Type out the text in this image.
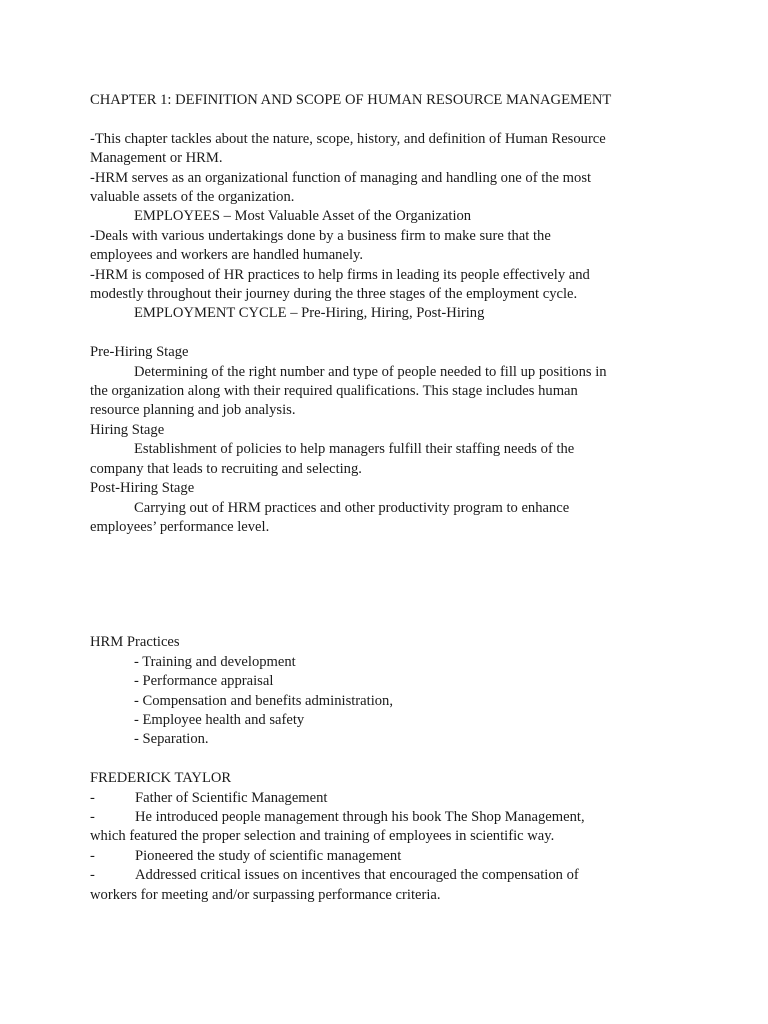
CHAPTER 1: DEFINITION AND SCOPE OF HUMAN RESOURCE MANAGEMENT
-This chapter tackles about the nature, scope, history, and definition of Human Resource
Management or HRM.
-HRM serves as an organizational function of managing and handling one of the most
valuable assets of the organization.
EMPLOYEES – Most Valuable Asset of the Organization
-Deals with various undertakings done by a business firm to make sure that the
employees and workers are handled humanely.
-HRM is composed of HR practices to help firms in leading its people effectively and
modestly throughout their journey during the three stages of the employment cycle.
EMPLOYMENT CYCLE – Pre-Hiring, Hiring, Post-Hiring
Pre-Hiring Stage
Determining of the right number and type of people needed to fill up positions in
the organization along with their required qualifications. This stage includes human
resource planning and job analysis.
Hiring Stage
Establishment of policies to help managers fulfill their staffing needs of the
company that leads to recruiting and selecting.
Post-Hiring Stage
Carrying out of HRM practices and other productivity program to enhance
employees’ performance level.
HRM Practices
- Training and development
- Performance appraisal
- Compensation and benefits administration,
- Employee health and safety
- Separation.
FREDERICK TAYLOR
-	Father of Scientific Management
-	He introduced people management through his book The Shop Management,
which featured the proper selection and training of employees in scientific way.
-	Pioneered the study of scientific management
-	Addressed critical issues on incentives that encouraged the compensation of
workers for meeting and/or surpassing performance criteria.
